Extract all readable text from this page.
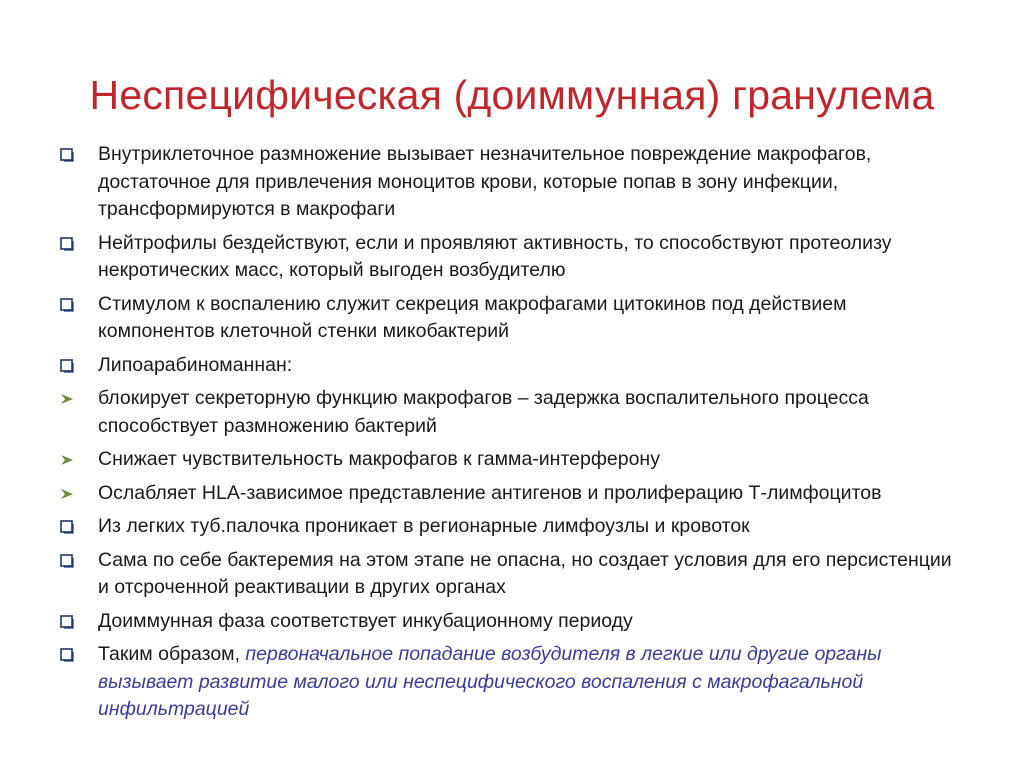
Неспецифическая (доиммунная) гранулема
Внутриклеточное размножение вызывает незначительное повреждение макрофагов, достаточное для привлечения моноцитов крови, которые попав в зону инфекции, трансформируются в макрофаги
Нейтрофилы бездействуют, если и проявляют активность, то способствуют протеолизу некротических масс, который выгоден возбудителю
Стимулом к воспалению служит секреция макрофагами цитокинов под действием компонентов клеточной стенки микобактерий
Липоарабиноманнан:
блокирует секреторную функцию макрофагов – задержка воспалительного процесса способствует размножению бактерий
Снижает чувствительность макрофагов к гамма-интерферону
Ослабляет HLA-зависимое представление антигенов и пролиферацию Т-лимфоцитов
Из легких туб.палочка проникает в регионарные лимфоузлы и кровоток
Сама по себе бактеремия на этом этапе не опасна, но создает условия для его персистенции и отсроченной реактивации в других органах
Доиммунная фаза соответствует инкубационному периоду
Таким образом, первоначальное попадание возбудителя в легкие или другие органы вызывает развитие малого или неспецифического воспаления с макрофагальной инфильтрацией
